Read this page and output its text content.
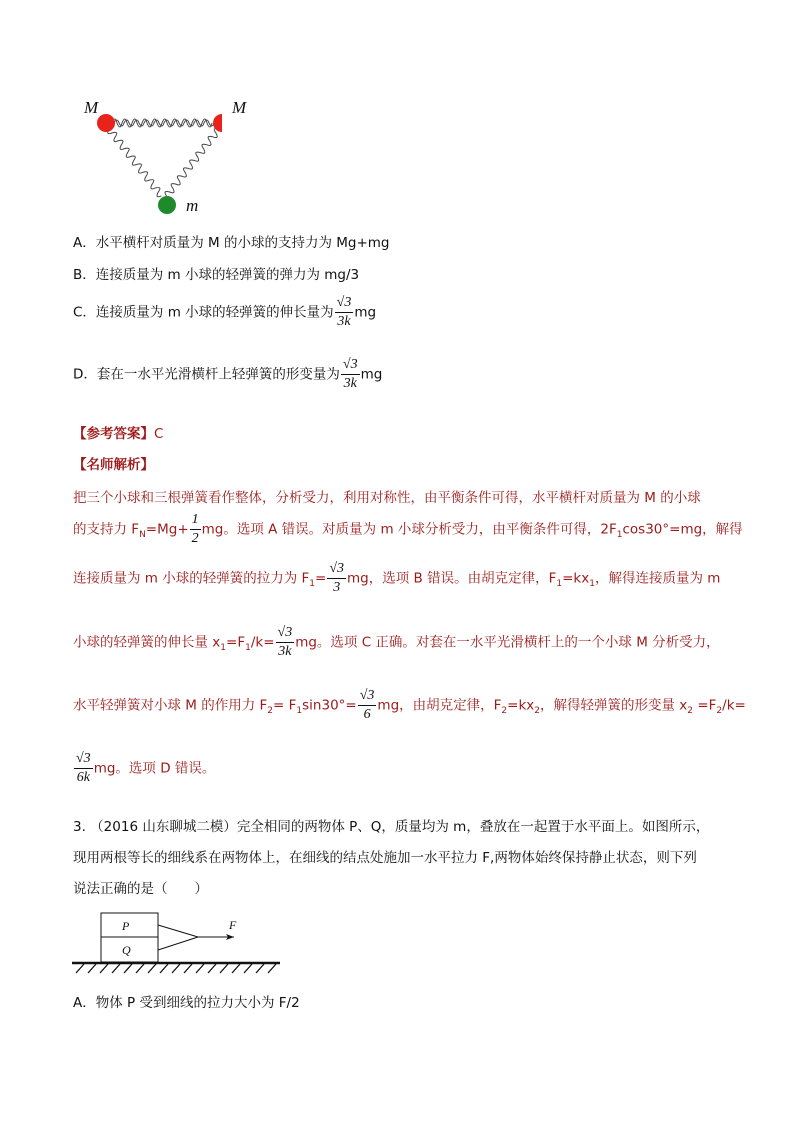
M	M
m
A．水平横杆对质量为 M 的小球的支持力为 Mg+mg
B．连接质量为 m 小球的轻弹簧的弹力为 mg/3
C．连接质量为 m 小球的轻弹簧的伸长量为 $\frac{√3}{3k}$ mg
D．套在一水平光滑横杆上轻弹簧的形变量为 $\frac{√3}{3k}$ mg
【参考答案】C
【名师解析】
把三个小球和三根弹簧看作整体，分析受力，利用对称性，由平衡条件可得，水平横杆对质量为 M 的小球
的支持力 $F_N=Mg+ \frac{1}{2}$ mg。选项 A 错误。对质量为 m 小球分析受力，由平衡条件可得，$2F_1\cos 30^\circ=mg$，解得
连接质量为 m 小球的轻弹簧的拉力为 $F_1= \frac{√3}{3}$ mg，选项 B 错误。由胡克定律，$F_1=kx_1$，解得连接质量为 m
小球的轻弹簧的伸长量 $x_1=F_1/k= \frac{√3}{3k}$ mg。选项 C 正确。对套在一水平光滑横杆上的一个小球 M 分析受力，
水平轻弹簧对小球 M 的作用力 $F_2= F_1\sin 30^\circ= \frac{√3}{6}$ mg，由胡克定律，$F_2=kx_2$，解得轻弹簧的形变量 $x_2 =F_2/k=$
$\frac{√3}{6k}$ mg。选项 D 错误。
3. （2016 山东聊城二模）完全相同的两物体 P、Q，质量均为 m，叠放在一起置于水平面上。如图所示，
现用两根等长的细线系在两物体上，在细线的结点处施加一水平拉力 F,两物体始终保持静止状态，则下列
说法正确的是（　　）
P
Q
F
A．物体 P 受到细线的拉力大小为 F/2
